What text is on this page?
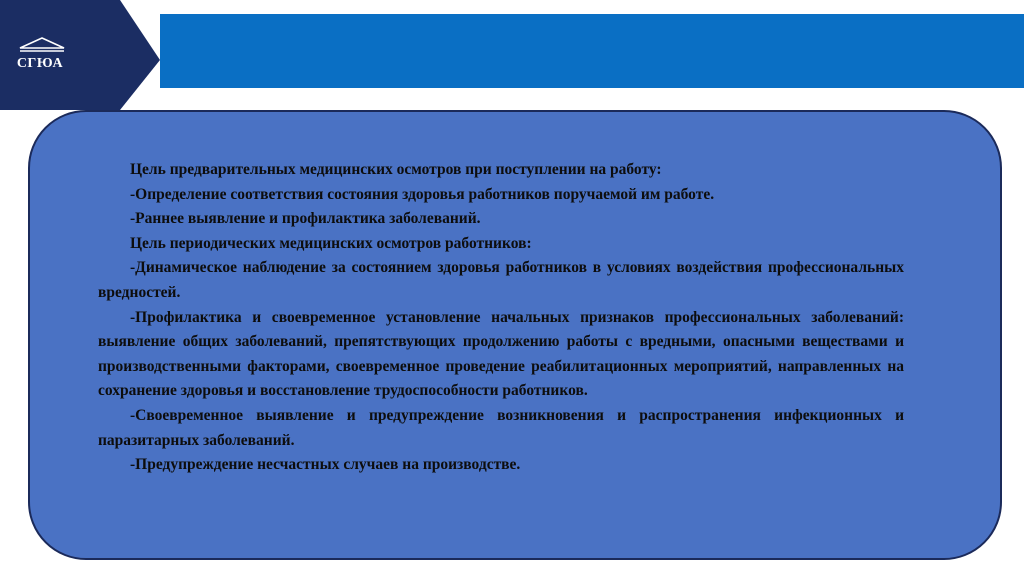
СГЮА
Цель предварительных медицинских осмотров при поступлении на работу:
-Определение соответствия состояния здоровья работников поручаемой им работе.
-Раннее выявление и профилактика заболеваний.
Цель периодических медицинских осмотров работников:
-Динамическое наблюдение за состоянием здоровья работников в условиях воздействия профессиональных вредностей.
-Профилактика и своевременное установление начальных признаков профессиональных заболеваний: выявление общих заболеваний, препятствующих продолжению работы с вредными, опасными веществами и производственными факторами, своевременное проведение реабилитационных мероприятий, направленных на сохранение здоровья и восстановление трудоспособности работников.
-Своевременное выявление и предупреждение возникновения и распространения инфекционных и паразитарных заболеваний.
-Предупреждение несчастных случаев на производстве.
